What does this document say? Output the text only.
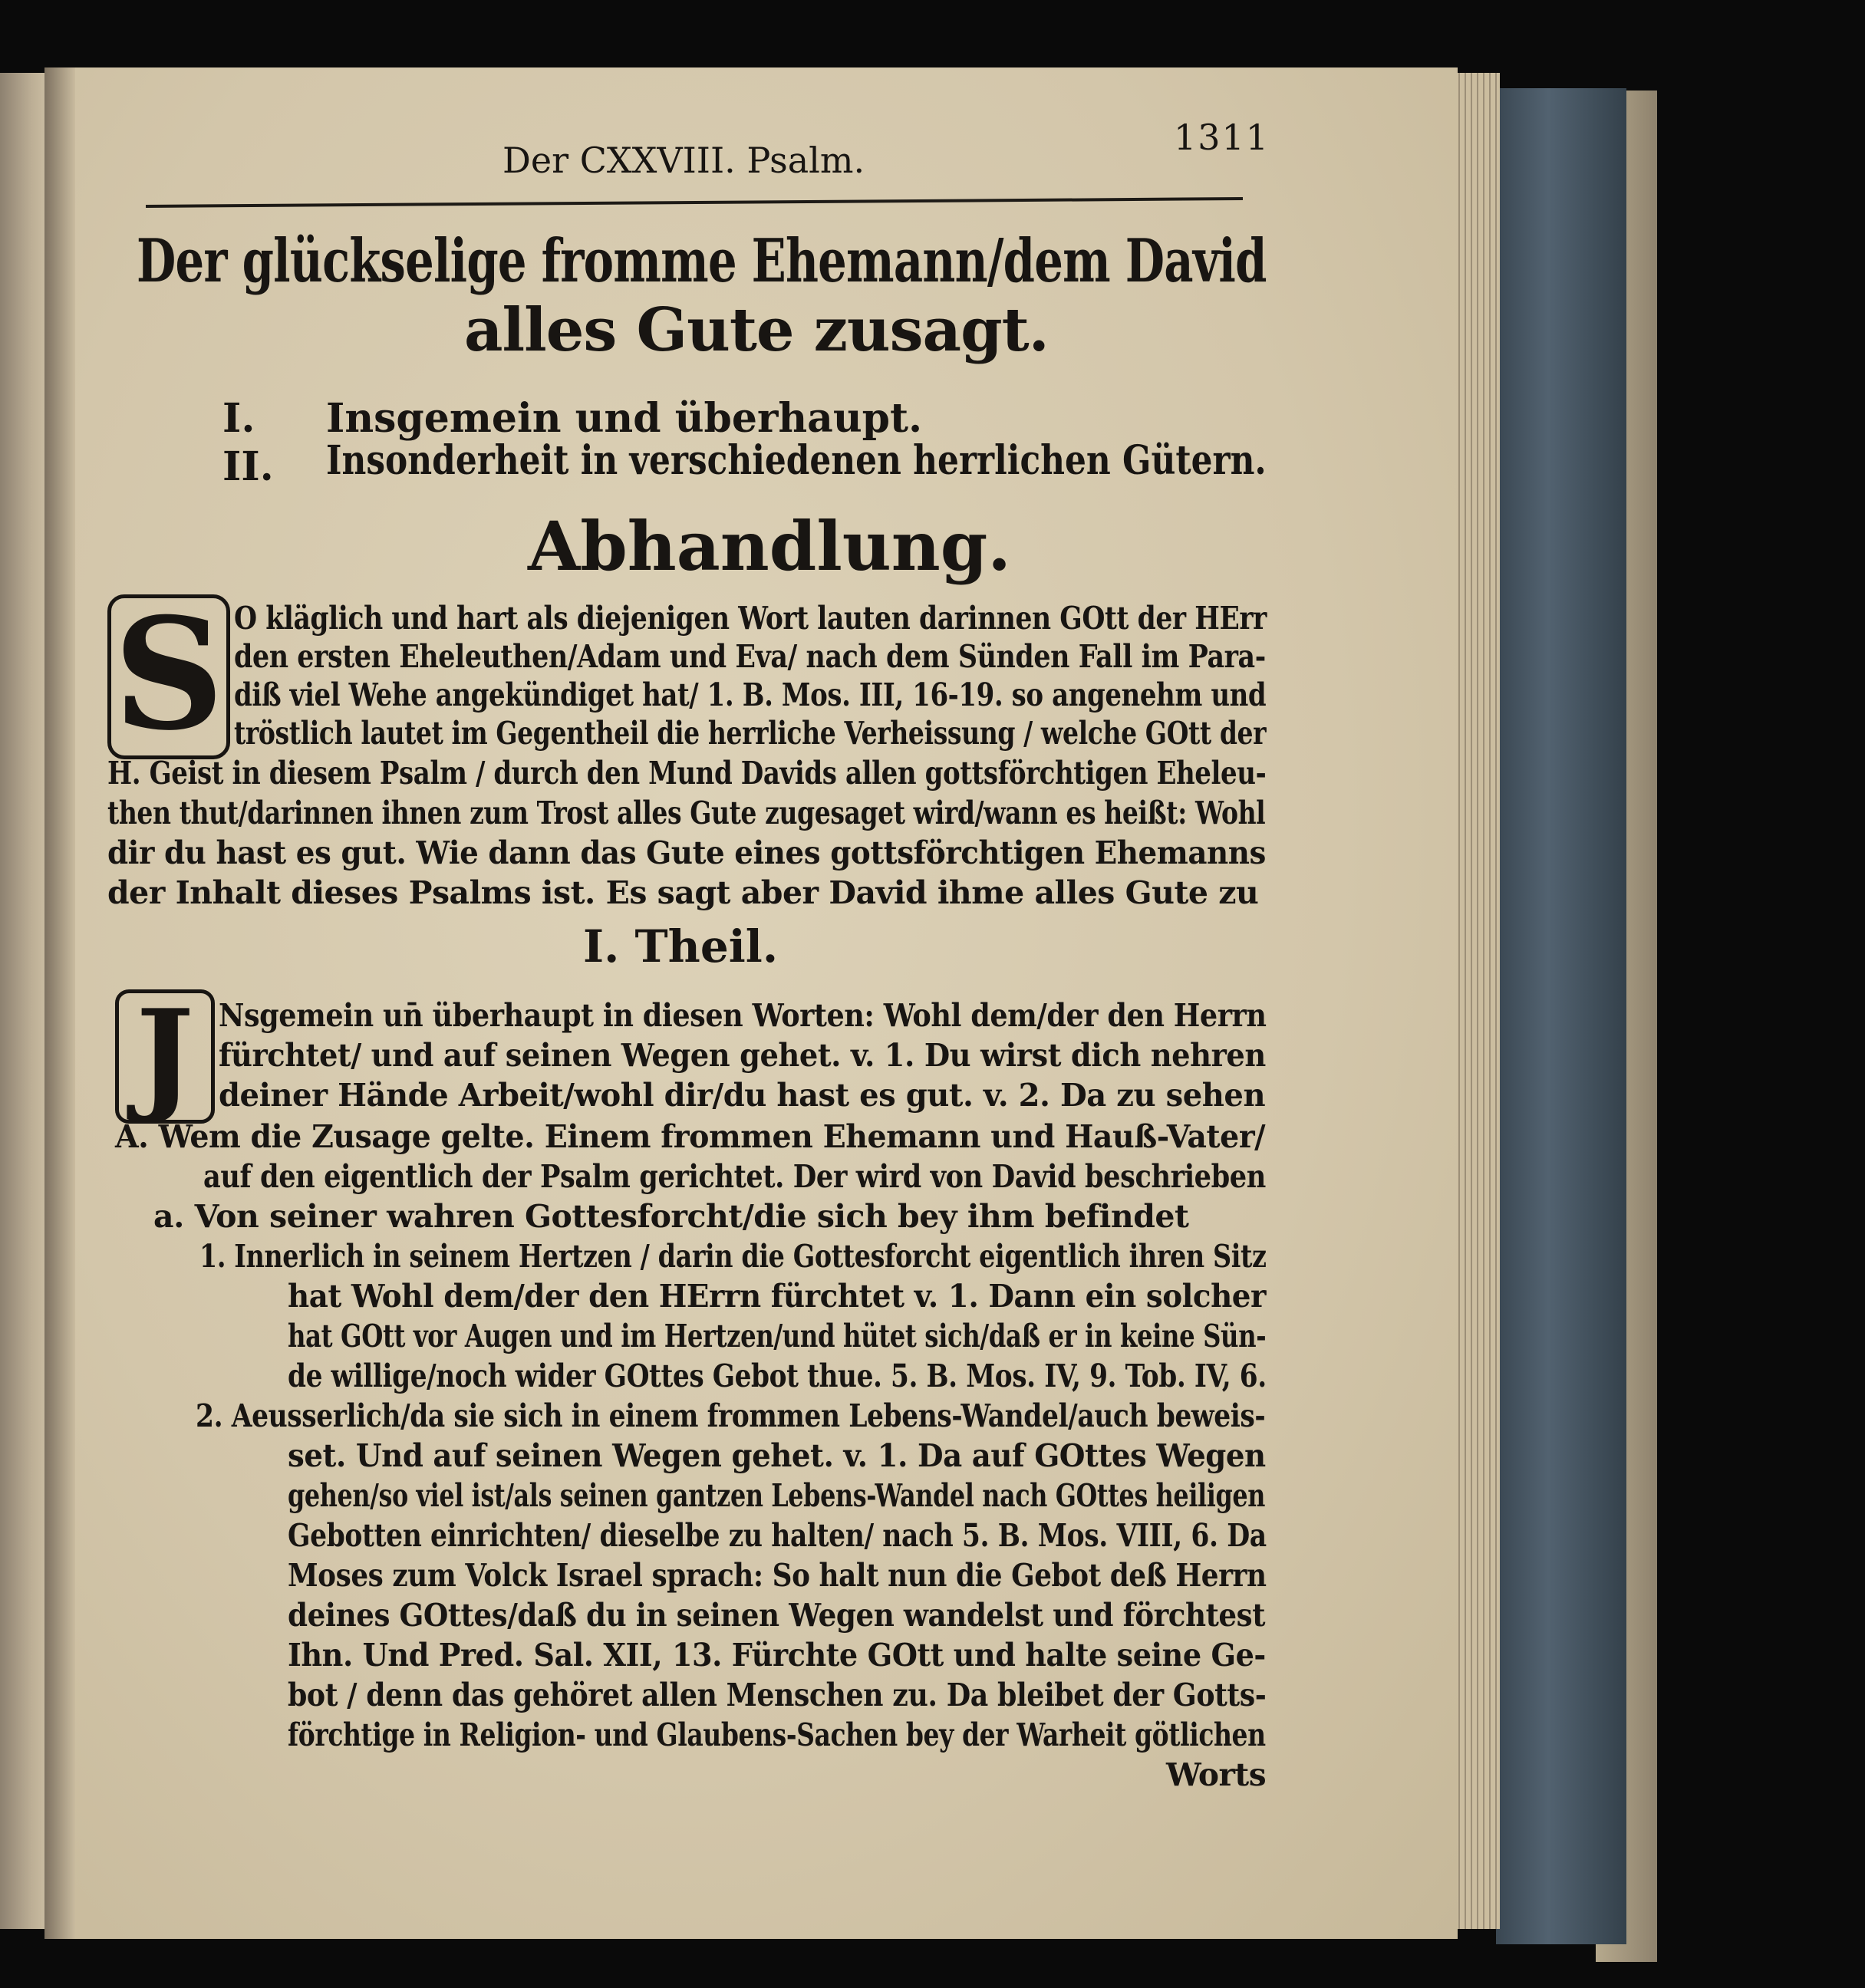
Der CXXVIII. Psalm.
1311
Der glückselige fromme Ehemann/dem David
alles Gute zusagt.
I. Insgemein und überhaupt.
II. Insonderheit in verschiedenen herrlichen Gütern.
Abhandlung.
S O kläglich und hart als diejenigen Wort lauten darinnen GOtt der HErr
den ersten Eheleuthen/Adam und Eva/ nach dem Sünden Fall im Para-
diß viel Wehe angekündiget hat/ 1. B. Mos. III, 16-19. so angenehm und
tröstlich lautet im Gegentheil die herrliche Verheissung / welche GOtt der
H. Geist in diesem Psalm / durch den Mund Davids allen gottsförchtigen Eheleu-
then thut/darinnen ihnen zum Trost alles Gute zugesaget wird/wann es heißt: Wohl
dir du hast es gut. Wie dann das Gute eines gottsförchtigen Ehemanns
der Inhalt dieses Psalms ist. Es sagt aber David ihme alles Gute zu
I. Theil.
J Nsgemein un̄ überhaupt in diesen Worten: Wohl dem/der den Herrn
fürchtet/ und auf seinen Wegen gehet. v. 1. Du wirst dich nehren
deiner Hände Arbeit/wohl dir/du hast es gut. v. 2. Da zu sehen
A. Wem die Zusage gelte. Einem frommen Ehemann und Hauß-Vater/
auf den eigentlich der Psalm gerichtet. Der wird von David beschrieben
a. Von seiner wahren Gottesforcht/die sich bey ihm befindet
1. Innerlich in seinem Hertzen / darin die Gottesforcht eigentlich ihren Sitz
hat Wohl dem/der den HErrn fürchtet v. 1. Dann ein solcher
hat GOtt vor Augen und im Hertzen/und hütet sich/daß er in keine Sün-
de willige/noch wider GOttes Gebot thue. 5. B. Mos. IV, 9. Tob. IV, 6.
2. Aeusserlich/da sie sich in einem frommen Lebens-Wandel/auch beweis-
set. Und auf seinen Wegen gehet. v. 1. Da auf GOttes Wegen
gehen/so viel ist/als seinen gantzen Lebens-Wandel nach GOttes heiligen
Gebotten einrichten/ dieselbe zu halten/ nach 5. B. Mos. VIII, 6. Da
Moses zum Volck Israel sprach: So halt nun die Gebot deß Herrn
deines GOttes/daß du in seinen Wegen wandelst und förchtest
Ihn. Und Pred. Sal. XII, 13. Fürchte GOtt und halte seine Ge-
bot / denn das gehöret allen Menschen zu. Da bleibet der Gotts-
förchtige in Religion- und Glaubens-Sachen bey der Warheit götlichen
Worts
